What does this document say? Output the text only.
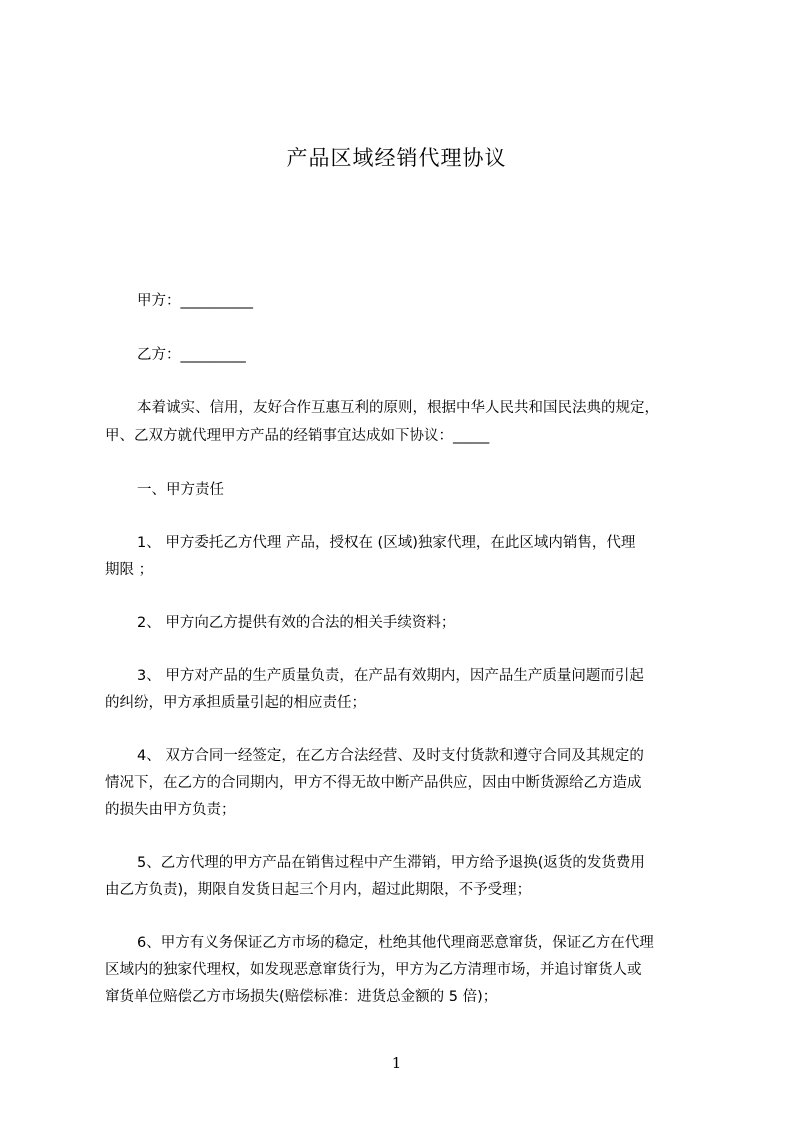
产品区域经销代理协议
甲方：__________
乙方：_________
本着诚实、信用，友好合作互惠互利的原则，根据中华人民共和国民法典的规定，
甲、乙双方就代理甲方产品的经销事宜达成如下协议：_____
一、甲方责任
1、 甲方委托乙方代理 产品，授权在 (区域)独家代理，在此区域内销售，代理
期限 ；
2、 甲方向乙方提供有效的合法的相关手续资料；
3、 甲方对产品的生产质量负责，在产品有效期内，因产品生产质量问题而引起
的纠纷，甲方承担质量引起的相应责任；
4、 双方合同一经签定，在乙方合法经营、及时支付货款和遵守合同及其规定的
情况下，在乙方的合同期内，甲方不得无故中断产品供应，因由中断货源给乙方造成
的损失由甲方负责；
5、乙方代理的甲方产品在销售过程中产生滞销，甲方给予退换(返货的发货费用
由乙方负责)，期限自发货日起三个月内，超过此期限，不予受理；
6、甲方有义务保证乙方市场的稳定，杜绝其他代理商恶意窜货，保证乙方在代理
区域内的独家代理权，如发现恶意窜货行为，甲方为乙方清理市场，并追讨窜货人或
窜货单位赔偿乙方市场损失(赔偿标准：进货总金额的 5 倍)；
1
